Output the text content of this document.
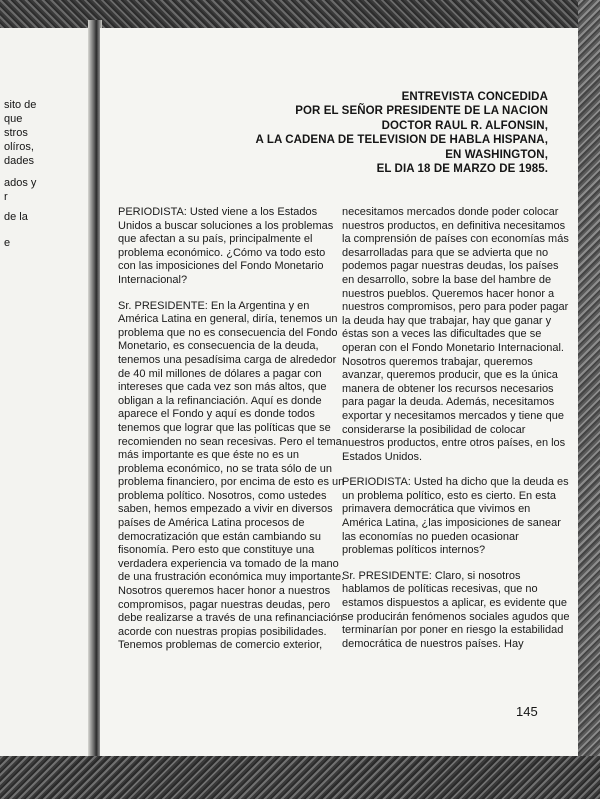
sito de
que
stros
olíros,
dades
ados y
r
de la
e
ENTREVISTA CONCEDIDA
POR EL SEÑOR PRESIDENTE DE LA NACION
DOCTOR RAUL R. ALFONSIN,
A LA CADENA DE TELEVISION DE HABLA HISPANA,
EN WASHINGTON,
EL DIA 18 DE MARZO DE 1985.

PERIODISTA: Usted viene a los Estados Unidos a buscar soluciones a los problemas que afectan a su país, principalmente el problema económico. ¿Cómo va todo esto con las imposiciones del Fondo Monetario Internacional?

Sr. PRESIDENTE: En la Argentina y en América Latina en general, diría, tenemos un problema que no es consecuencia del Fondo Monetario, es consecuencia de la deuda, tenemos una pesadísima carga de alrededor de 40 mil millones de dólares a pagar con intereses que cada vez son más altos, que obligan a la refinanciación. Aquí es donde aparece el Fondo y aquí es donde todos tenemos que lograr que las políticas que se recomienden no sean recesivas. Pero el tema más importante es que éste no es un problema económico, no se trata sólo de un problema financiero, por encima de esto es un problema político. Nosotros, como ustedes saben, hemos empezado a vivir en diversos países de América Latina procesos de democratización que están cambiando su fisonomía. Pero esto que constituye una verdadera experiencia va tomado de la mano de una frustración económica muy importante. Nosotros queremos hacer honor a nuestros compromisos, pagar nuestras deudas, pero debe realizarse a través de una refinanciación acorde con nuestras propias posibilidades. Tenemos problemas de comercio exterior,

necesitamos mercados donde poder colocar nuestros productos, en definitiva necesitamos la comprensión de países con economías más desarrolladas para que se advierta que no podemos pagar nuestras deudas, los países en desarrollo, sobre la base del hambre de nuestros pueblos. Queremos hacer honor a nuestros compromisos, pero para poder pagar la deuda hay que trabajar, hay que ganar y éstas son a veces las dificultades que se operan con el Fondo Monetario Internacional. Nosotros queremos trabajar, queremos avanzar, queremos producir, que es la única manera de obtener los recursos necesarios para pagar la deuda. Además, necesitamos exportar y necesitamos mercados y tiene que considerarse la posibilidad de colocar nuestros productos, entre otros países, en los Estados Unidos.

PERIODISTA: Usted ha dicho que la deuda es un problema político, esto es cierto. En esta primavera democrática que vivimos en América Latina, ¿las imposiciones de sanear las economías no pueden ocasionar problemas políticos internos?

Sr. PRESIDENTE: Claro, si nosotros hablamos de políticas recesivas, que no estamos dispuestos a aplicar, es evidente que se producirán fenómenos sociales agudos que terminarían por poner en riesgo la estabilidad democrática de nuestros países. Hay

145
